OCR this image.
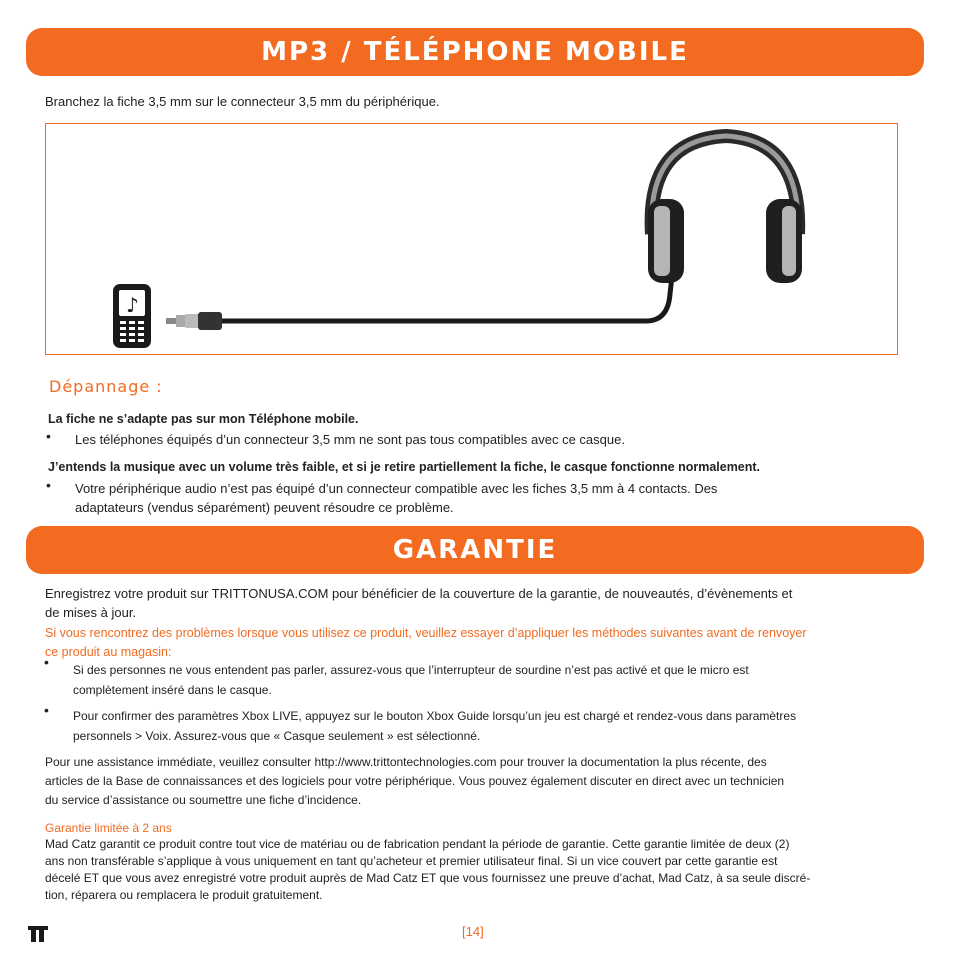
MP3 / TÉLÉPHONE MOBILE
Branchez la fiche 3,5 mm sur le connecteur 3,5 mm du périphérique.
♪
Dépannage :
La fiche ne s’adapte pas sur mon Téléphone mobile.
• Les téléphones équipés d’un connecteur 3,5 mm ne sont pas tous compatibles avec ce casque.
J’entends la musique avec un volume très faible, et si je retire partiellement la fiche, le casque fonctionne normalement.
• Votre périphérique audio n’est pas équipé d’un connecteur compatible avec les fiches 3,5 mm à 4 contacts. Des
adaptateurs (vendus séparément) peuvent résoudre ce problème.
GARANTIE
Enregistrez votre produit sur TRITTONUSA.COM pour bénéficier de la couverture de la garantie, de nouveautés, d’évènements et
de mises à jour.
Si vous rencontrez des problèmes lorsque vous utilisez ce produit, veuillez essayer d’appliquer les méthodes suivantes avant de renvoyer
ce produit au magasin:
• Si des personnes ne vous entendent pas parler, assurez-vous que l’interrupteur de sourdine n’est pas activé et que le micro est
complètement inséré dans le casque.
• Pour confirmer des paramètres Xbox LIVE, appuyez sur le bouton Xbox Guide lorsqu’un jeu est chargé et rendez-vous dans paramètres
personnels > Voix. Assurez-vous que « Casque seulement » est sélectionné.
Pour une assistance immédiate, veuillez consulter http://www.trittontechnologies.com pour trouver la documentation la plus récente, des
articles de la Base de connaissances et des logiciels pour votre périphérique. Vous pouvez également discuter en direct avec un technicien
du service d’assistance ou soumettre une fiche d’incidence.
Garantie limitée à 2 ans
Mad Catz garantit ce produit contre tout vice de matériau ou de fabrication pendant la période de garantie. Cette garantie limitée de deux (2)
ans non transférable s’applique à vous uniquement en tant qu’acheteur et premier utilisateur final. Si un vice couvert par cette garantie est
décelé ET que vous avez enregistré votre produit auprès de Mad Catz ET que vous fournissez une preuve d’achat, Mad Catz, à sa seule discré-
tion, réparera ou remplacera le produit gratuitement.
[14]
